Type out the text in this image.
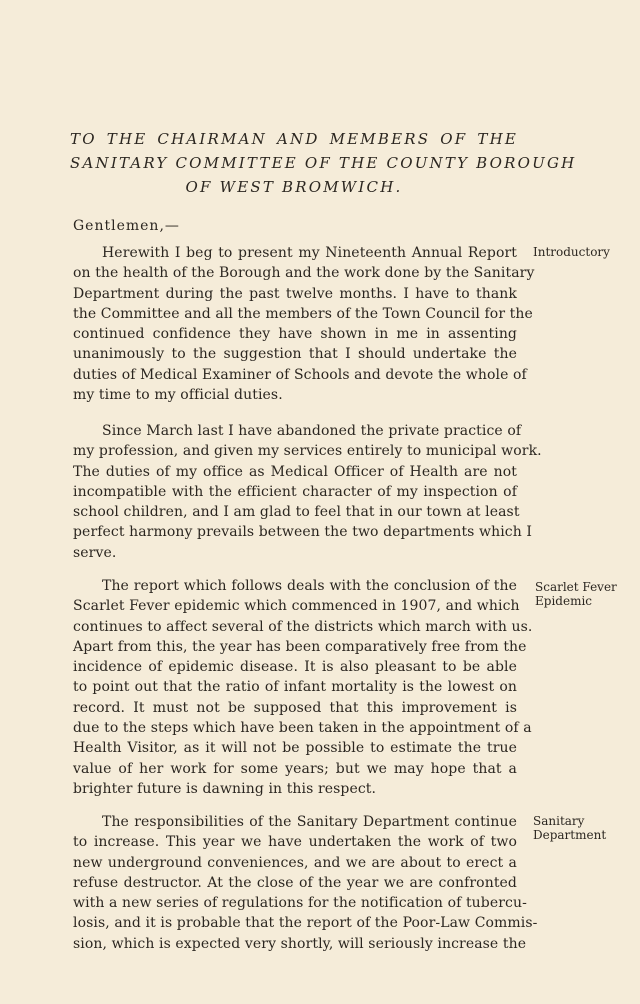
TO THE CHAIRMAN AND MEMBERS OF THE
SANITARY COMMITTEE OF THE COUNTY BOROUGH
OF WEST BROMWICH.
Gentlemen,—
Herewith I beg to present my Nineteenth Annual Report
on the health of the Borough and the work done by the Sanitary
Department during the past twelve months. I have to thank
the Committee and all the members of the Town Council for the
continued confidence they have shown in me in assenting
unanimously to the suggestion that I should undertake the
duties of Medical Examiner of Schools and devote the whole of
my time to my official duties.
Since March last I have abandoned the private practice of
my profession, and given my services entirely to municipal work.
The duties of my office as Medical Officer of Health are not
incompatible with the efficient character of my inspection of
school children, and I am glad to feel that in our town at least
perfect harmony prevails between the two departments which I
serve.
The report which follows deals with the conclusion of the
Scarlet Fever epidemic which commenced in 1907, and which
continues to affect several of the districts which march with us.
Apart from this, the year has been comparatively free from the
incidence of epidemic disease. It is also pleasant to be able
to point out that the ratio of infant mortality is the lowest on
record. It must not be supposed that this improvement is
due to the steps which have been taken in the appointment of a
Health Visitor, as it will not be possible to estimate the true
value of her work for some years; but we may hope that a
brighter future is dawning in this respect.
The responsibilities of the Sanitary Department continue
to increase. This year we have undertaken the work of two
new underground conveniences, and we are about to erect a
refuse destructor. At the close of the year we are confronted
with a new series of regulations for the notification of tubercu-
losis, and it is probable that the report of the Poor-Law Commis-
sion, which is expected very shortly, will seriously increase the
Introductory
Scarlet Fever
Epidemic
Sanitary
Department
